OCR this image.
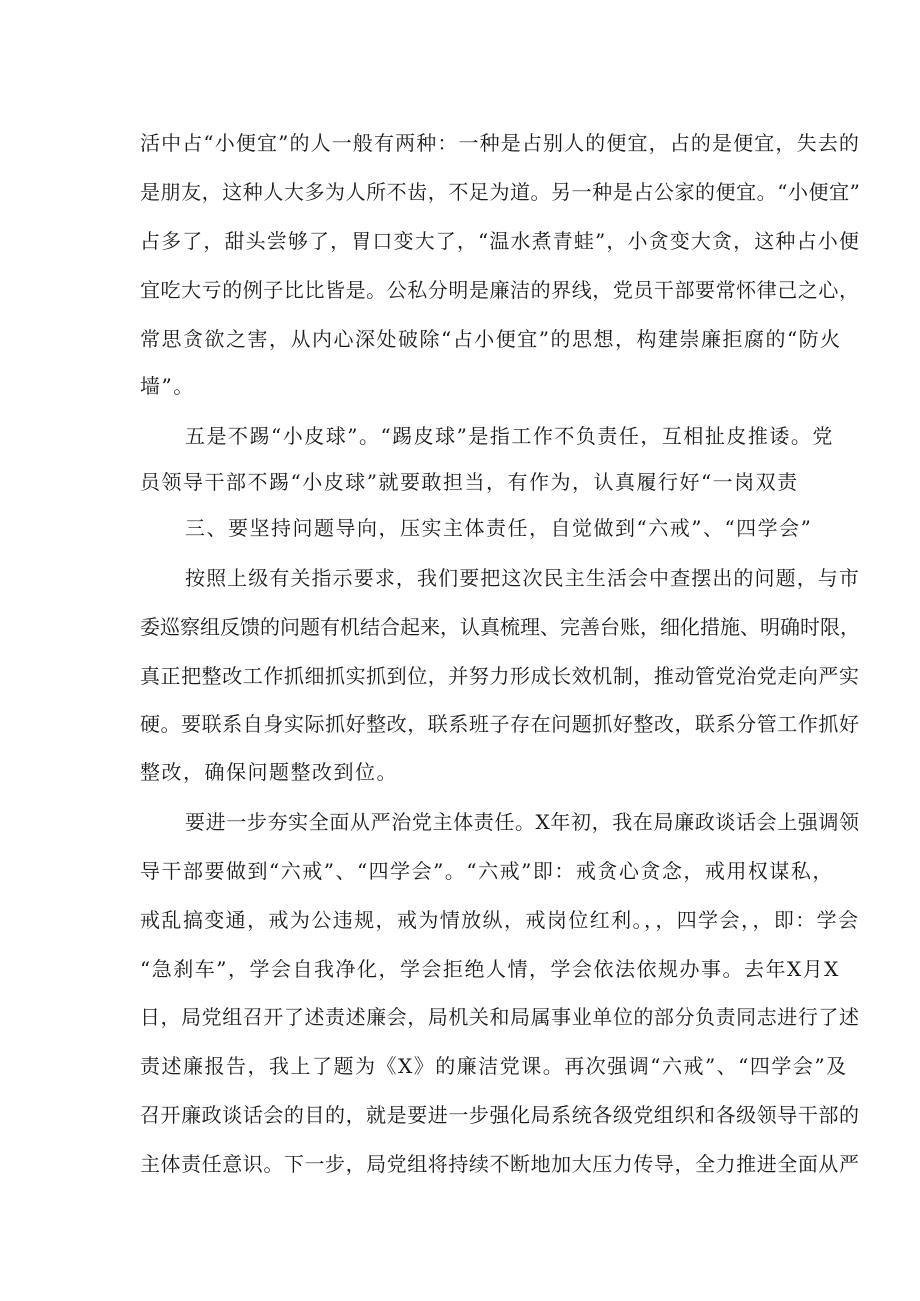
活中占“小便宜”的人一般有两种：一种是占别人的便宜，占的是便宜，失去的
是朋友，这种人大多为人所不齿，不足为道。另一种是占公家的便宜。“小便宜”
占多了，甜头尝够了，胃口变大了，“温水煮青蛙”，小贪变大贪，这种占小便
宜吃大亏的例子比比皆是。公私分明是廉洁的界线，党员干部要常怀律己之心，
常思贪欲之害，从内心深处破除“占小便宜”的思想，构建崇廉拒腐的“防火
墙”。
五是不踢“小皮球”。“踢皮球”是指工作不负责任，互相扯皮推诿。党
员领导干部不踢“小皮球”就要敢担当，有作为，认真履行好“一岗双责
三、要坚持问题导向，压实主体责任，自觉做到“六戒”、“四学会”
按照上级有关指示要求，我们要把这次民主生活会中查摆出的问题，与市
委巡察组反馈的问题有机结合起来，认真梳理、完善台账，细化措施、明确时限，
真正把整改工作抓细抓实抓到位，并努力形成长效机制，推动管党治党走向严实
硬。要联系自身实际抓好整改，联系班子存在问题抓好整改，联系分管工作抓好
整改，确保问题整改到位。
要进一步夯实全面从严治党主体责任。X年初，我在局廉政谈话会上强调领
导干部要做到“六戒”、“四学会”。“六戒”即：戒贪心贪念，戒用权谋私，
戒乱搞变通，戒为公违规，戒为情放纵，戒岗位红利。，，四学会，，即：学会
“急刹车”，学会自我净化，学会拒绝人情，学会依法依规办事。去年X月X
日，局党组召开了述责述廉会，局机关和局属事业单位的部分负责同志进行了述
责述廉报告，我上了题为《X》的廉洁党课。再次强调“六戒”、“四学会”及
召开廉政谈话会的目的，就是要进一步强化局系统各级党组织和各级领导干部的
主体责任意识。下一步，局党组将持续不断地加大压力传导，全力推进全面从严
